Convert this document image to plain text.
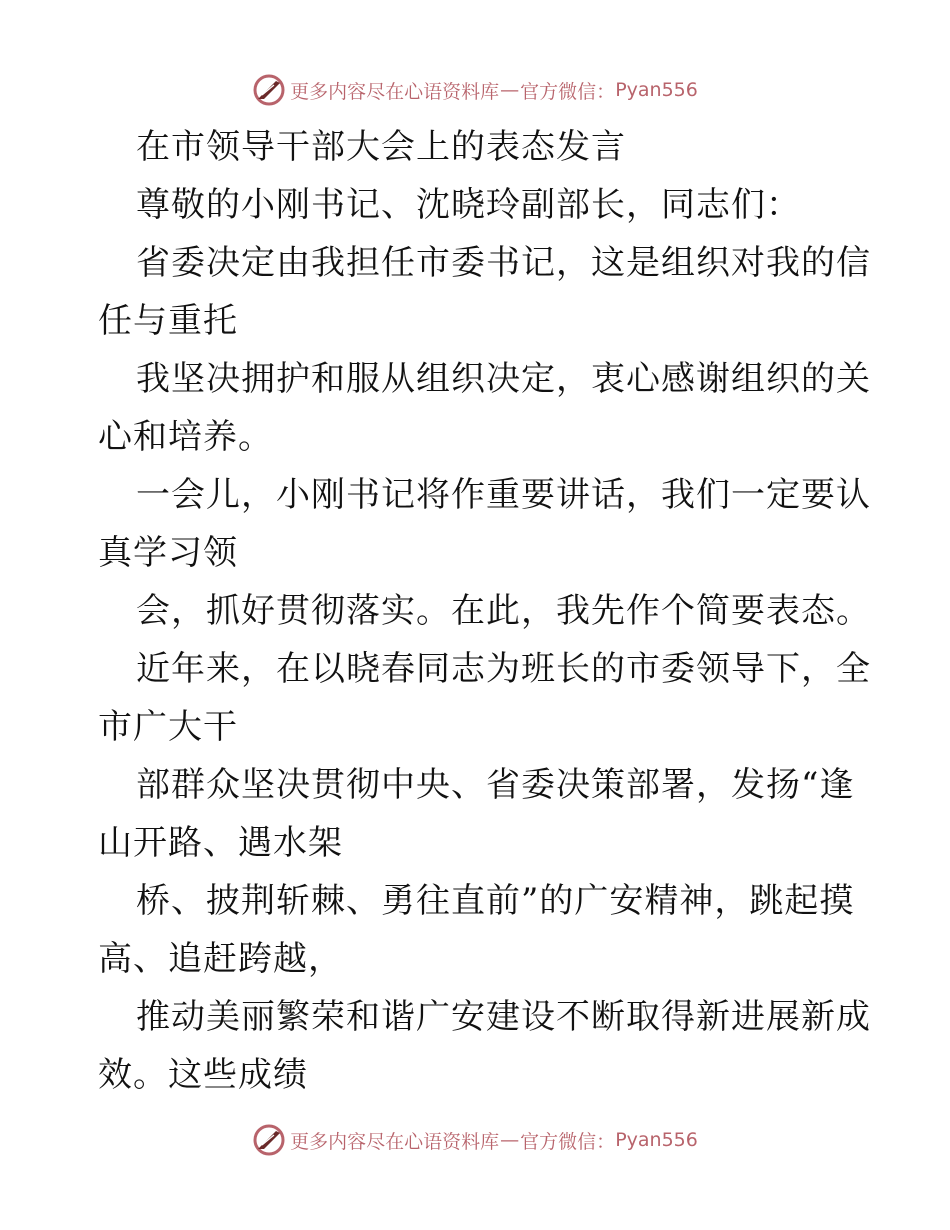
更多内容尽在心语资料库 — 官方微信： Pyan556
在市领导干部大会上的表态发言
尊敬的小刚书记、沈晓玲副部长，同志们：
省委决定由我担任市委书记，这是组织对我的信
任与重托
我坚决拥护和服从组织决定，衷心感谢组织的关
心和培养。
一会儿，小刚书记将作重要讲话，我们一定要认
真学习领
会，抓好贯彻落实。在此，我先作个简要表态。
近年来，在以晓春同志为班长的市委领导下，全
市广大干
部群众坚决贯彻中央、省委决策部署，发扬“逢
山开路、遇水架
桥、披荆斩棘、勇往直前”的广安精神，跳起摸
高、追赶跨越，
推动美丽繁荣和谐广安建设不断取得新进展新成
效。这些成绩
更多内容尽在心语资料库 — 官方微信： Pyan556
